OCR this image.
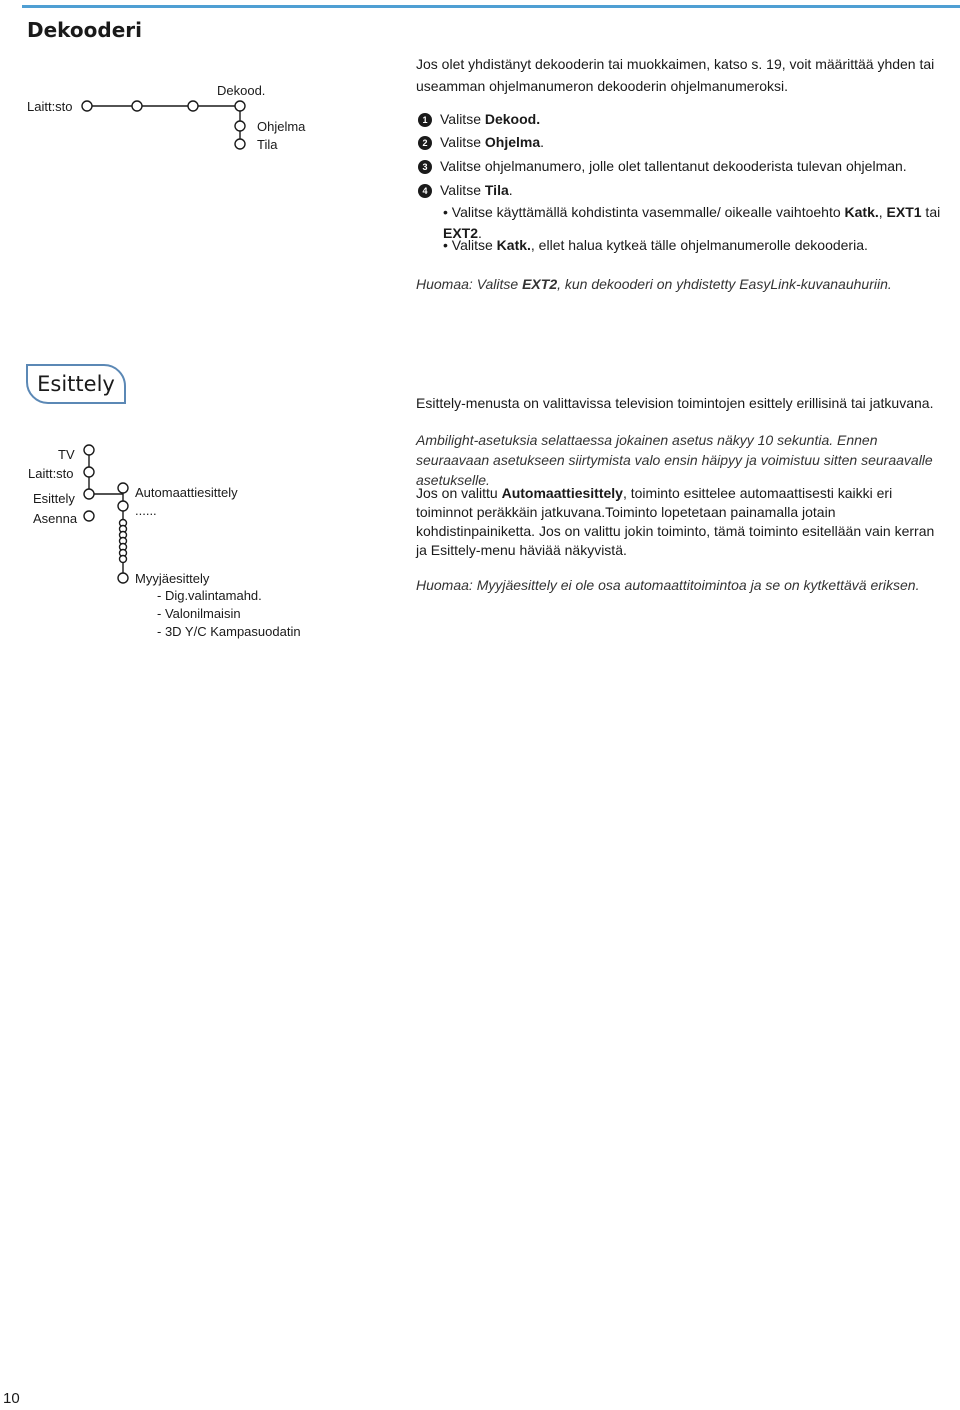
Dekooderi
Laitt:sto
Dekood.
Ohjelma
Tila
Jos olet yhdistänyt dekooderin tai muokkaimen, katso s. 19, voit määrittää yhden tai useamman ohjelmanumeron dekooderin ohjelmanumeroksi.
1 Valitse Dekood.
2 Valitse Ohjelma.
3 Valitse ohjelmanumero, jolle olet tallentanut dekooderista tulevan ohjelman.
4 Valitse Tila.
• Valitse käyttämällä kohdistinta vasemmalle/ oikealle vaihtoehto Katk., EXT1 tai EXT2.
• Valitse Katk., ellet halua kytkeä tälle ohjelmanumerolle dekooderia.
Huomaa: Valitse EXT2, kun dekooderi on yhdistetty EasyLink-kuvanauhuriin.
Esittely
TV
Laitt:sto
Esittely
Asenna
Automaattiesittely
......
Myyjäesittely
- Dig.valintamahd.
- Valonilmaisin
- 3D Y/C Kampasuodatin
Esittely-menusta on valittavissa television toimintojen esittely erillisinä tai jatkuvana.
Ambilight-asetuksia selattaessa jokainen asetus näkyy 10 sekuntia. Ennen seuraavaan asetukseen siirtymista valo ensin häipyy ja voimistuu sitten seuraavalle asetukselle.
Jos on valittu Automaattiesittely, toiminto esittelee automaattisesti kaikki eri toiminnot peräkkäin jatkuvana.Toiminto lopetetaan painamalla jotain kohdistinpainiketta. Jos on valittu jokin toiminto, tämä toiminto esitellään vain kerran ja Esittely-menu häviää näkyvistä.
Huomaa: Myyjäesittely ei ole osa automaattitoimintoa ja se on kytkettävä eriksen.
10
